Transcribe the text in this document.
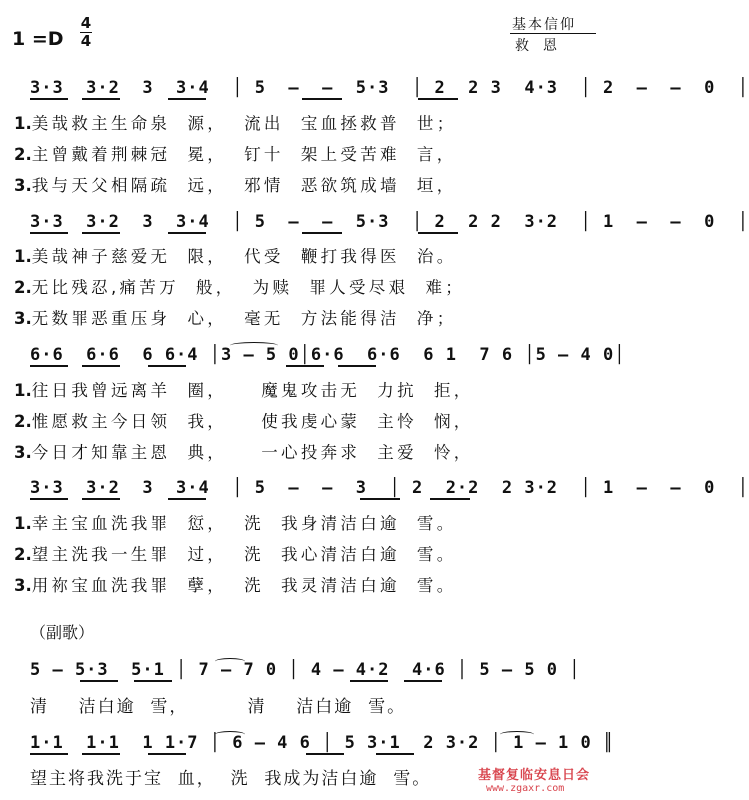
1 =D
4
4
基本信仰
救恩
3·3  3·2  3  3·4  │ 5  –  –  5·3  │ 2  2 3  4·3  │ 2  –  –  0  │
1.美哉救主生命泉  源，  流出  宝血拯救普  世；
2.主曾戴着荆棘冠  冕，  钉十  架上受苦难  言，
3.我与天父相隔疏  远，  邪情  恶欲筑成墙  垣，
3·3  3·2  3  3·4  │ 5  –  –  5·3  │ 2  2 2  3·2  │ 1  –  –  0  │
1.美哉神子慈爱无  限，  代受  鞭打我得医  治。
2.无比残忍,痛苦万  般，  为赎  罪人受尽艰  难；
3.无数罪恶重压身  心，  毫无  方法能得洁  净；
6·6  6·6  6 6·4 │3 – 5 0│6·6  6·6  6 1  7 6 │5 – 4 0│
1.往日我曾远离羊  圈，    魔鬼攻击无  力抗  拒，
2.惟愿救主今日领  我，    使我虔心蒙  主怜  悯，
3.今日才知靠主恩  典，    一心投奔求  主爱  怜，
3·3  3·2  3  3·4  │ 5  –  –  3  │ 2  2·2  2 3·2  │ 1  –  –  0  │
1.幸主宝血洗我罪  愆，  洗  我身清洁白逾  雪。
2.望主洗我一生罪  过，  洗  我心清洁白逾  雪。
3.用祢宝血洗我罪  孽，  洗  我灵清洁白逾  雪。
（副歌）
5 – 5·3  5·1 │ 7 – 7 0 │ 4 – 4·2  4·6 │ 5 – 5 0 │
清    洁白逾  雪，        清    洁白逾  雪。
1·1  1·1  1 1·7 │ 6 – 4 6 │ 5 3·1  2 3·2 │ 1 – 1 0 ║
望主将我洗于宝  血，  洗  我成为洁白逾  雪。	基督复临安息日会
www.zgaxr.com
